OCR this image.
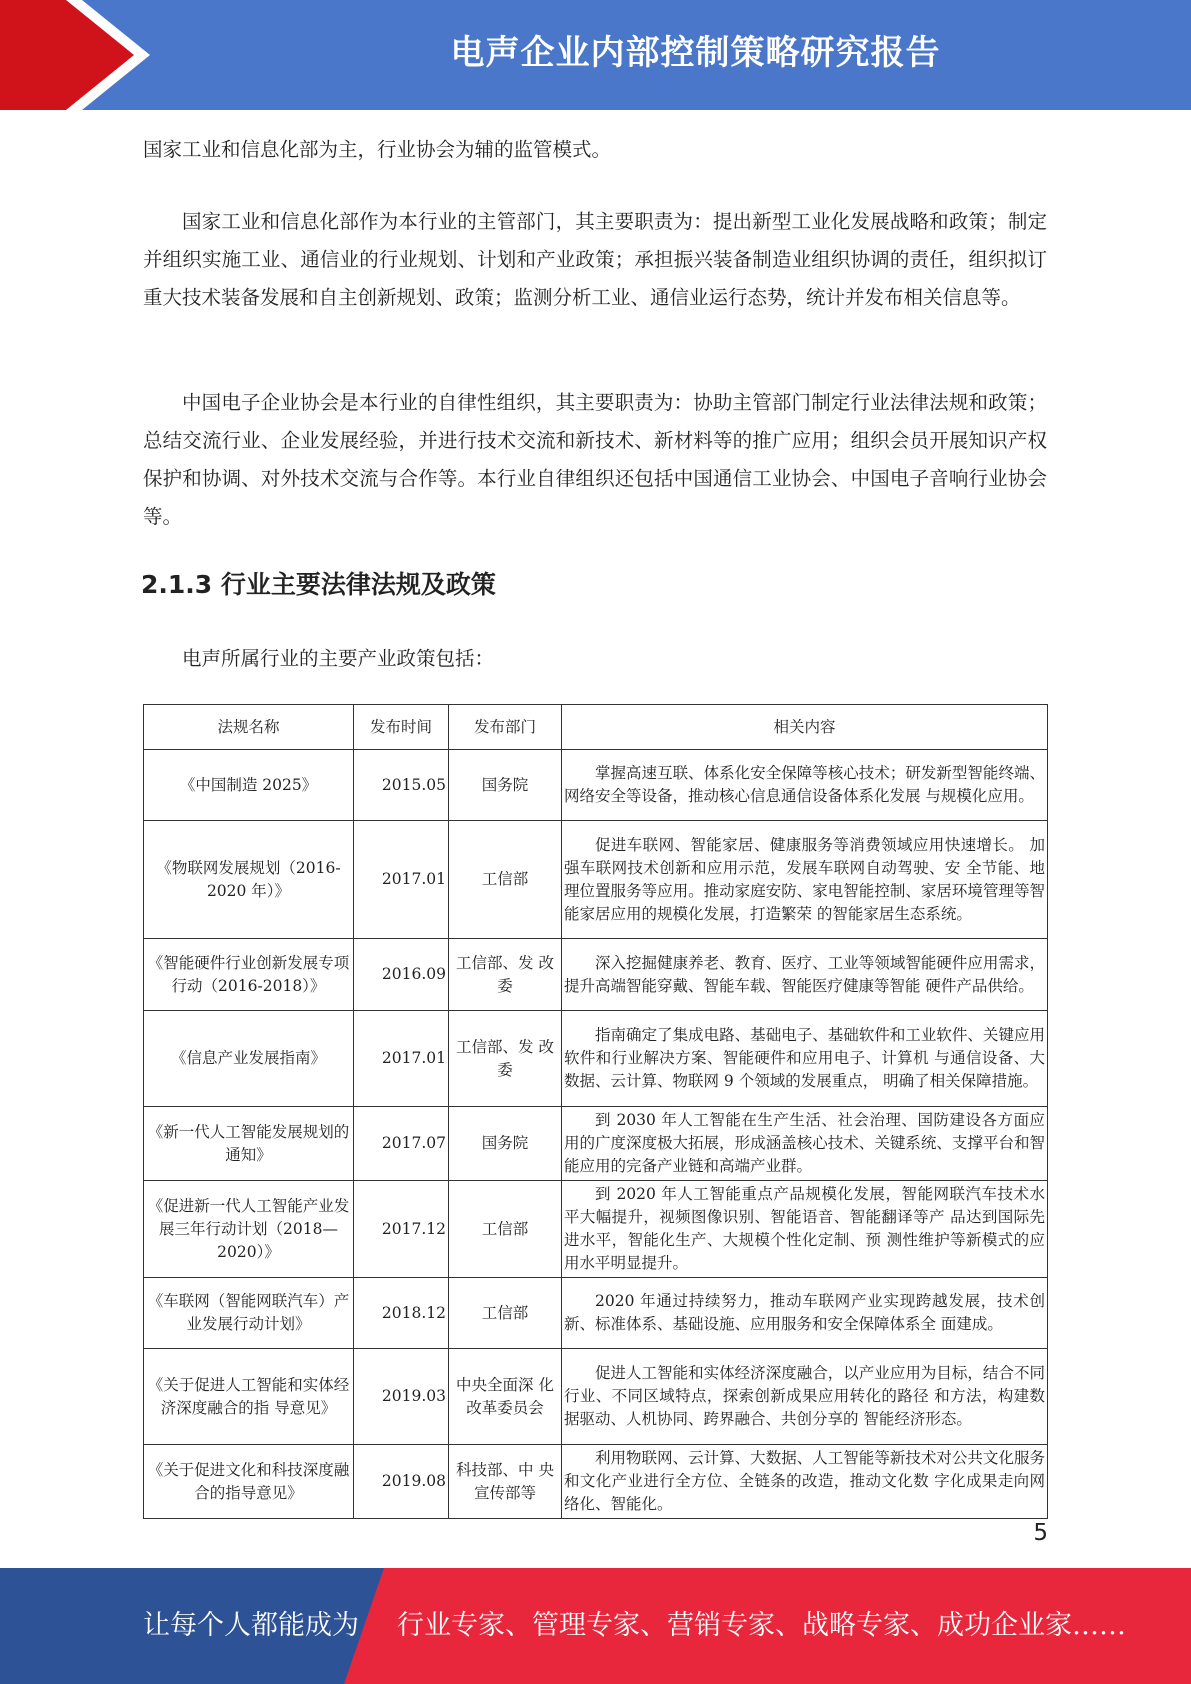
电声企业内部控制策略研究报告

国家工业和信息化部为主，行业协会为辅的监管模式。

国家工业和信息化部作为本行业的主管部门，其主要职责为：提出新型工业化发展战略和政策；制定并组织实施工业、通信业的行业规划、计划和产业政策；承担振兴装备制造业组织协调的责任，组织拟订重大技术装备发展和自主创新规划、政策；监测分析工业、通信业运行态势，统计并发布相关信息等。

中国电子企业协会是本行业的自律性组织，其主要职责为：协助主管部门制定行业法律法规和政策；总结交流行业、企业发展经验，并进行技术交流和新技术、新材料等的推广应用；组织会员开展知识产权保护和协调、对外技术交流与合作等。本行业自律组织还包括中国通信工业协会、中国电子音响行业协会等。

2.1.3 行业主要法律法规及政策

电声所属行业的主要产业政策包括：

法规名称	发布时间	发布部门	相关内容
《中国制造 2025》	2015.05	国务院	掌握高速互联、体系化安全保障等核心技术；研发新型智能终端、网络安全等设备，推动核心信息通信设备体系化发展 与规模化应用。
《物联网发展规划（2016-2020 年）》	2017.01	工信部	促进车联网、智能家居、健康服务等消费领域应用快速增长。 加强车联网技术创新和应用示范，发展车联网自动驾驶、安 全节能、地理位置服务等应用。推动家庭安防、家电智能控制、家居环境管理等智能家居应用的规模化发展，打造繁荣 的智能家居生态系统。
《智能硬件行业创新发展专项行动（2016-2018）》	2016.09	工信部、发 改委	深入挖掘健康养老、教育、医疗、工业等领域智能硬件应用需求，提升高端智能穿戴、智能车载、智能医疗健康等智能 硬件产品供给。
《信息产业发展指南》	2017.01	工信部、发 改委	指南确定了集成电路、基础电子、基础软件和工业软件、关键应用软件和行业解决方案、智能硬件和应用电子、计算机 与通信设备、大数据、云计算、物联网 9 个领域的发展重点， 明确了相关保障措施。
《新一代人工智能发展规划的通知》	2017.07	国务院	到 2030 年人工智能在生产生活、社会治理、国防建设各方面应用的广度深度极大拓展，形成涵盖核心技术、关键系统、支撑平台和智能应用的完备产业链和高端产业群。
《促进新一代人工智能产业发展三年行动计划（2018—2020）》	2017.12	工信部	到 2020 年人工智能重点产品规模化发展，智能网联汽车技术水平大幅提升，视频图像识别、智能语音、智能翻译等产 品达到国际先进水平，智能化生产、大规模个性化定制、预 测性维护等新模式的应用水平明显提升。
《车联网（智能网联汽车）产业发展行动计划》	2018.12	工信部	2020 年通过持续努力，推动车联网产业实现跨越发展，技术创新、标准体系、基础设施、应用服务和安全保障体系全 面建成。
《关于促进人工智能和实体经济深度融合的指 导意见》	2019.03	中央全面深 化改革委员会	促进人工智能和实体经济深度融合，以产业应用为目标，结合不同行业、不同区域特点，探索创新成果应用转化的路径 和方法，构建数据驱动、人机协同、跨界融合、共创分享的 智能经济形态。
《关于促进文化和科技深度融合的指导意见》	2019.08	科技部、中 央宣传部等	利用物联网、云计算、大数据、人工智能等新技术对公共文化服务和文化产业进行全方位、全链条的改造，推动文化数 字化成果走向网络化、智能化。
5
让每个人都能成为 行业专家、管理专家、营销专家、战略专家、成功企业家……
